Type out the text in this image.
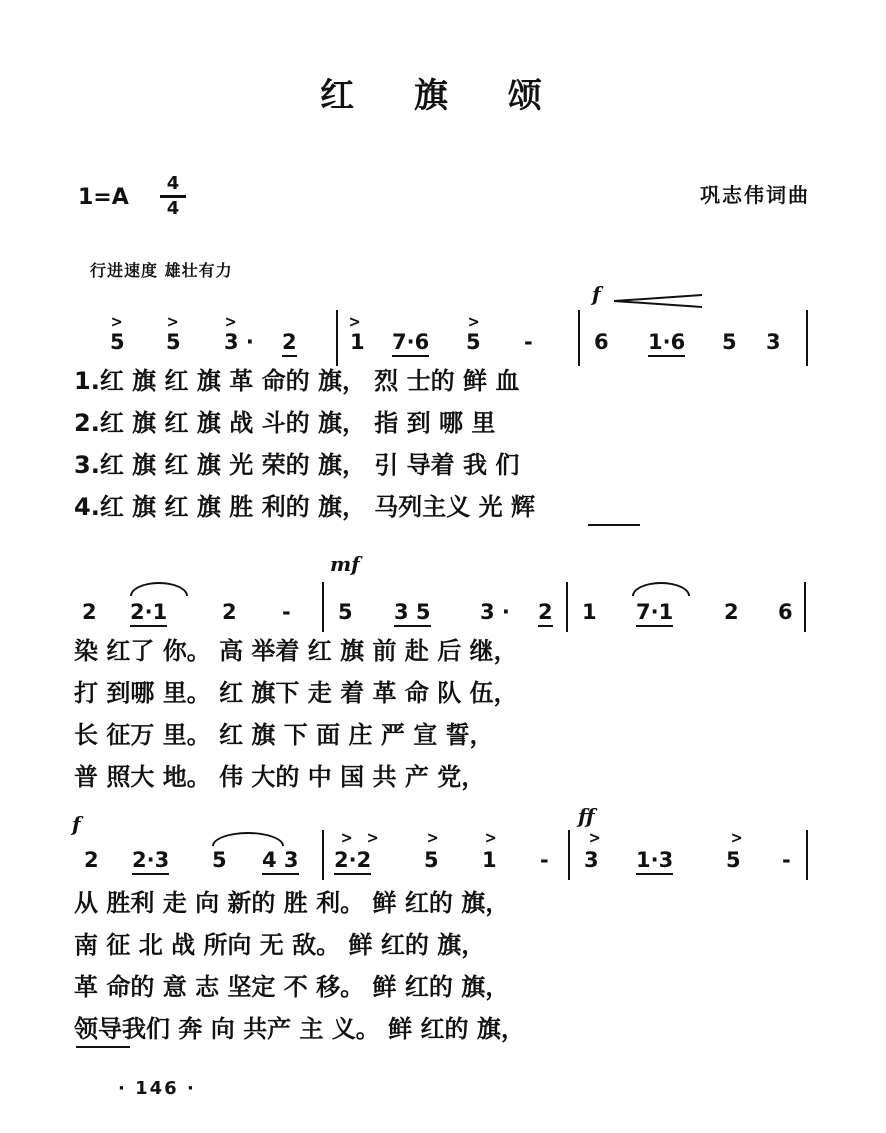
红 旗 颂
1=A
4
4
巩志伟词曲
行进速度 雄壮有力
f
>	>	>	>	>
5 5 3 · 2	1 7·6 5 -	6 1·6 5 3
1.红 旗 红 旗 革 命的 旗， 烈 士的 鲜 血
2.红 旗 红 旗 战 斗的 旗， 指 到 哪 里
3.红 旗 红 旗 光 荣的 旗， 引 导着 我 们
4.红 旗 红 旗 胜 利的 旗， 马列主义 光 辉
mf
2 2·1	2 - 5 3 5 3 · 2 1 7·1 2 6
染 红了 你。 高 举着 红 旗 前 赴 后 继，
打 到哪 里。 红 旗下 走 着 革 命 队 伍，
长 征万 里。 红 旗 下 面 庄 严 宣 誓，
普 照大 地。 伟 大的 中 国 共 产 党，
f	ff
> >	>	>	>	>
2 2·3 5 4 3 2·2	5 1 - 3 1·3	5 -
从 胜利 走 向 新的 胜 利。 鲜 红的 旗，
南 征 北 战 所向 无 敌。 鲜 红的 旗，
革 命的 意 志 坚定 不 移。 鲜 红的 旗，
领导我们 奔 向 共产 主 义。 鲜 红的 旗，
· 146 ·
